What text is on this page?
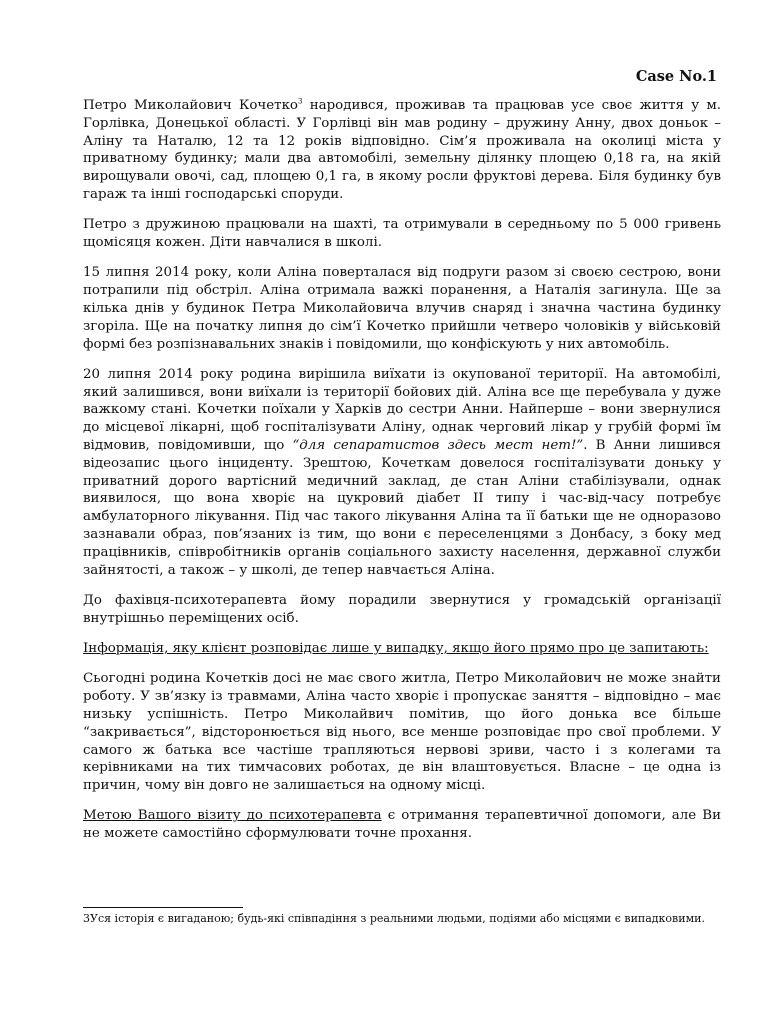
Case No.1

Петро Миколайович Кочетко$^3$ народився, проживав та працював усе своє життя у м. Горлівка, Донецької області. У Горлівці він мав родину – дружину Анну, двох доньок – Аліну та Наталю, 12 та 12 років відповідно. Сім’я проживала на околиці міста у приватному будинку; мали два автомобілі, земельну ділянку площею 0,18 га, на якій вирощували овочі, сад, площею 0,1 га, в якому росли фруктові дерева. Біля будинку був гараж та інші господарські споруди.

Петро з дружиною працювали на шахті, та отримували в середньому по 5 000 гривень щомісяця кожен. Діти навчалися в школі.

15 липня 2014 року, коли Аліна поверталася від подруги разом зі своєю сестрою, вони потрапили під обстріл. Аліна отримала важкі поранення, а Наталія загинула. Ще за кілька днів у будинок Петра Миколайовича влучив снаряд і значна частина будинку згоріла. Ще на початку липня до сім’ї Кочетко прийшли четверо чоловіків у військовій формі без розпізнавальних знаків і повідомили, що конфіскують у них автомобіль.

20 липня 2014 року родина вирішила виїхати із окупованої території. На автомобілі, який залишився, вони виїхали із території бойових дій. Аліна все ще перебувала у дуже важкому стані. Кочетки поїхали у Харків до сестри Анни. Найперше – вони звернулися до місцевої лікарні, щоб госпіталізувати Аліну, однак черговий лікар у грубій формі їм відмовив, повідомивши, що “для сепаратистов здесь мест нет!”. В Анни лишився відеозапис цього інциденту. Зрештою, Кочеткам довелося госпіталізувати доньку у приватний дорого вартісний медичний заклад, де стан Аліни стабілізували, однак виявилося, що вона хворіє на цукровий діабет II типу і час-від-часу потребує амбулаторного лікування. Під час такого лікування Аліна та її батьки ще не одноразово зазнавали образ, пов’язаних із тим, що вони є переселенцями з Донбасу, з боку мед працівників, співробітників органів соціального захисту населення, державної служби зайнятості, а також – у школі, де тепер навчається Аліна.

До фахівця-психотерапевта йому порадили звернутися у громадській організації внутрішньо переміщених осіб.

Інформація, яку клієнт розповідає лише у випадку, якщо його прямо про це запитають:

Сьогодні родина Кочетків досі не має свого житла, Петро Миколайович не може знайти роботу. У зв’язку із травмами, Аліна часто хворіє і пропускає заняття – відповідно – має низьку успішність. Петро Миколайвич помітив, що його донька все більше “закривається”, відсторонюється від нього, все менше розповідає про свої проблеми. У самого ж батька все частіше трапляються нервові зриви, часто і з колегами та керівниками на тих тимчасових роботах, де він влаштовується. Власне – це одна із причин, чому він довго не залишається на одному місці.

Метою Вашого візиту до психотерапевта є отримання терапевтичної допомоги, але Ви не можете самостійно сформулювати точне прохання.

3Уся історія є вигаданою; будь-які співпадіння з реальними людьми, подіями або місцями є випадковими.
